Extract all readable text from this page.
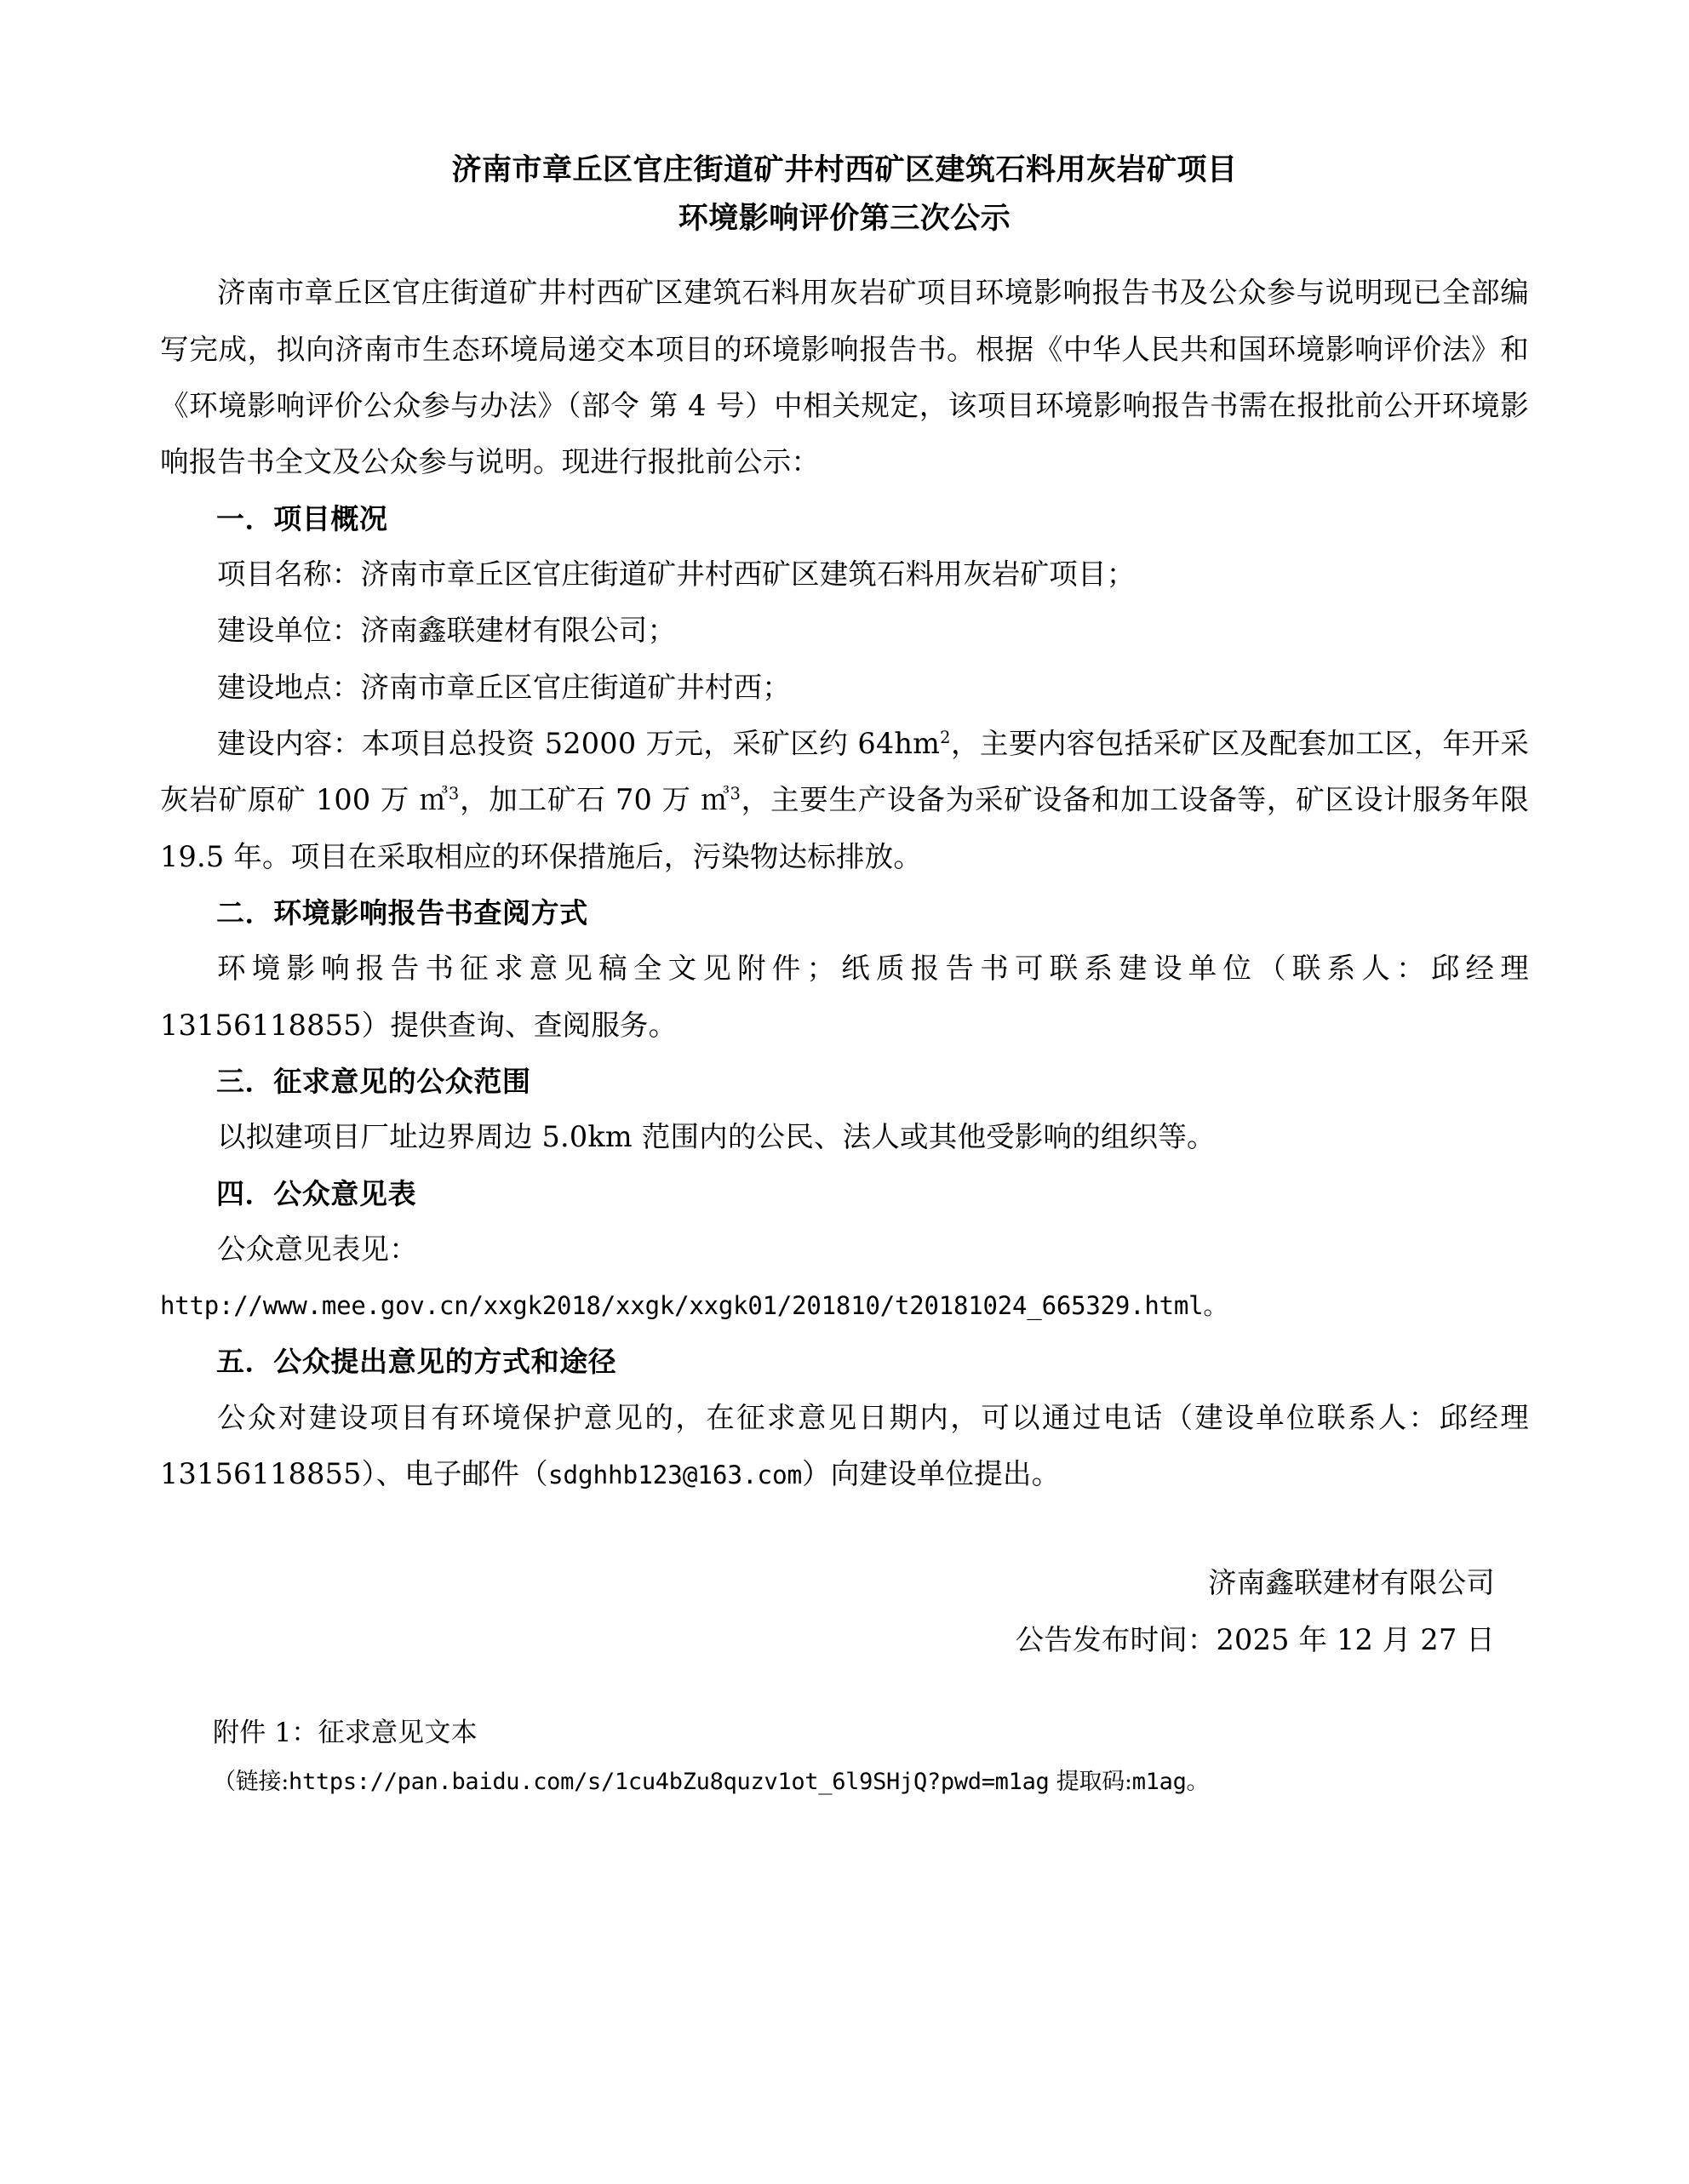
济南市章丘区官庄街道矿井村西矿区建筑石料用灰岩矿项目
环境影响评价第三次公示

济南市章丘区官庄街道矿井村西矿区建筑石料用灰岩矿项目环境影响报告书及公众参与说明现已全部编写完成，拟向济南市生态环境局递交本项目的环境影响报告书。根据《中华人民共和国环境影响评价法》和《环境影响评价公众参与办法》（部令 第 4 号）中相关规定，该项目环境影响报告书需在报批前公开环境影响报告书全文及公众参与说明。现进行报批前公示：

一．项目概况

项目名称：济南市章丘区官庄街道矿井村西矿区建筑石料用灰岩矿项目；

建设单位：济南鑫联建材有限公司；

建设地点：济南市章丘区官庄街道矿井村西；

建设内容：本项目总投资 52000 万元，采矿区约 $64hm^2$，主要内容包括采矿区及配套加工区，年开采灰岩矿原矿 100 万 ㎥$^3$，加工矿石 70 万 ㎥$^3$，主要生产设备为采矿设备和加工设备等，矿区设计服务年限 19.5 年。项目在采取相应的环保措施后，污染物达标排放。

二．环境影响报告书查阅方式

环境影响报告书征求意见稿全文见附件；纸质报告书可联系建设单位（联系人：邱经理 13156118855）提供查询、查阅服务。

三．征求意见的公众范围

以拟建项目厂址边界周边 5.0km 范围内的公民、法人或其他受影响的组织等。

四．公众意见表

公众意见表见：

http://www.mee.gov.cn/xxgk2018/xxgk/xxgk01/201810/t20181024_665329.html。

五．公众提出意见的方式和途径

公众对建设项目有环境保护意见的，在征求意见日期内，可以通过电话（建设单位联系人：邱经理 13156118855）、电子邮件（sdghhb123@163.com）向建设单位提出。

济南鑫联建材有限公司

公告发布时间：2025 年 12 月 27 日

附件 1：征求意见文本

（链接:https://pan.baidu.com/s/1cu4bZu8quzv1ot_6l9SHjQ?pwd=m1ag 提取码:m1ag。
